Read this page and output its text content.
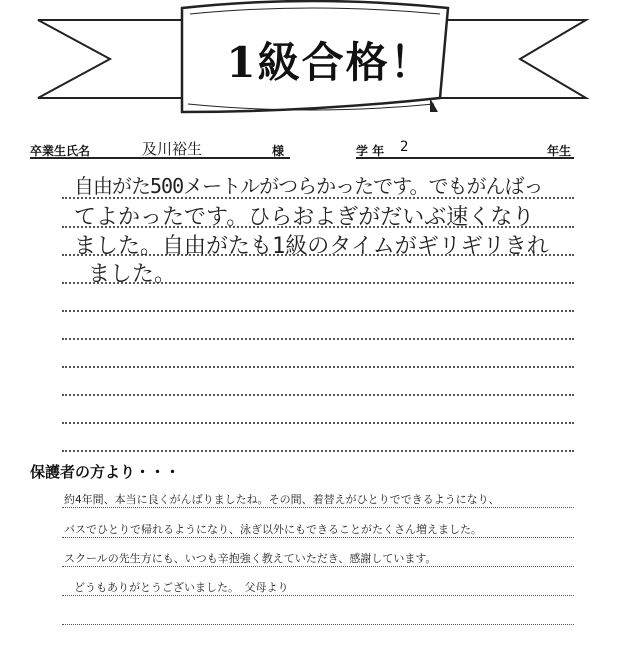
1級合格！
卒業生氏名	及川裕生	様	学 年 2	年生
自由がた500メートルがつらかったです。でもがんばっ
てよかったです。ひらおよぎがだいぶ速くなり
ました。自由がたも1級のタイムがギリギリきれ
ました。
保護者の方より・・・
約4年間、本当に良くがんばりましたね。その間、着替えがひとりでできるようになり、
バスでひとりで帰れるようになり、泳ぎ以外にもできることがたくさん増えました。
スクールの先生方にも、いつも辛抱強く教えていただき、感謝しています。
どうもありがとうございました。　父母より
